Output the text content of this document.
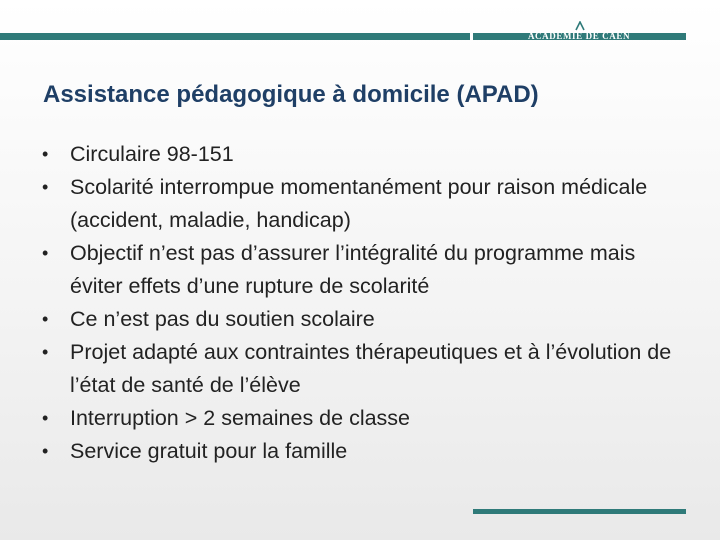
ACADÉMIE DE CAEN
Assistance pédagogique à domicile (APAD)
•	Circulaire 98-151
•	Scolarité interrompue momentanément pour raison médicale (accident, maladie, handicap)
•	Objectif n’est pas d’assurer l’intégralité du programme mais éviter effets d’une rupture de scolarité
•	Ce n’est pas du soutien scolaire
•	Projet adapté aux contraintes thérapeutiques et à l’évolution de l’état de santé de l’élève
•	Interruption > 2 semaines de classe
•	Service gratuit pour la famille
